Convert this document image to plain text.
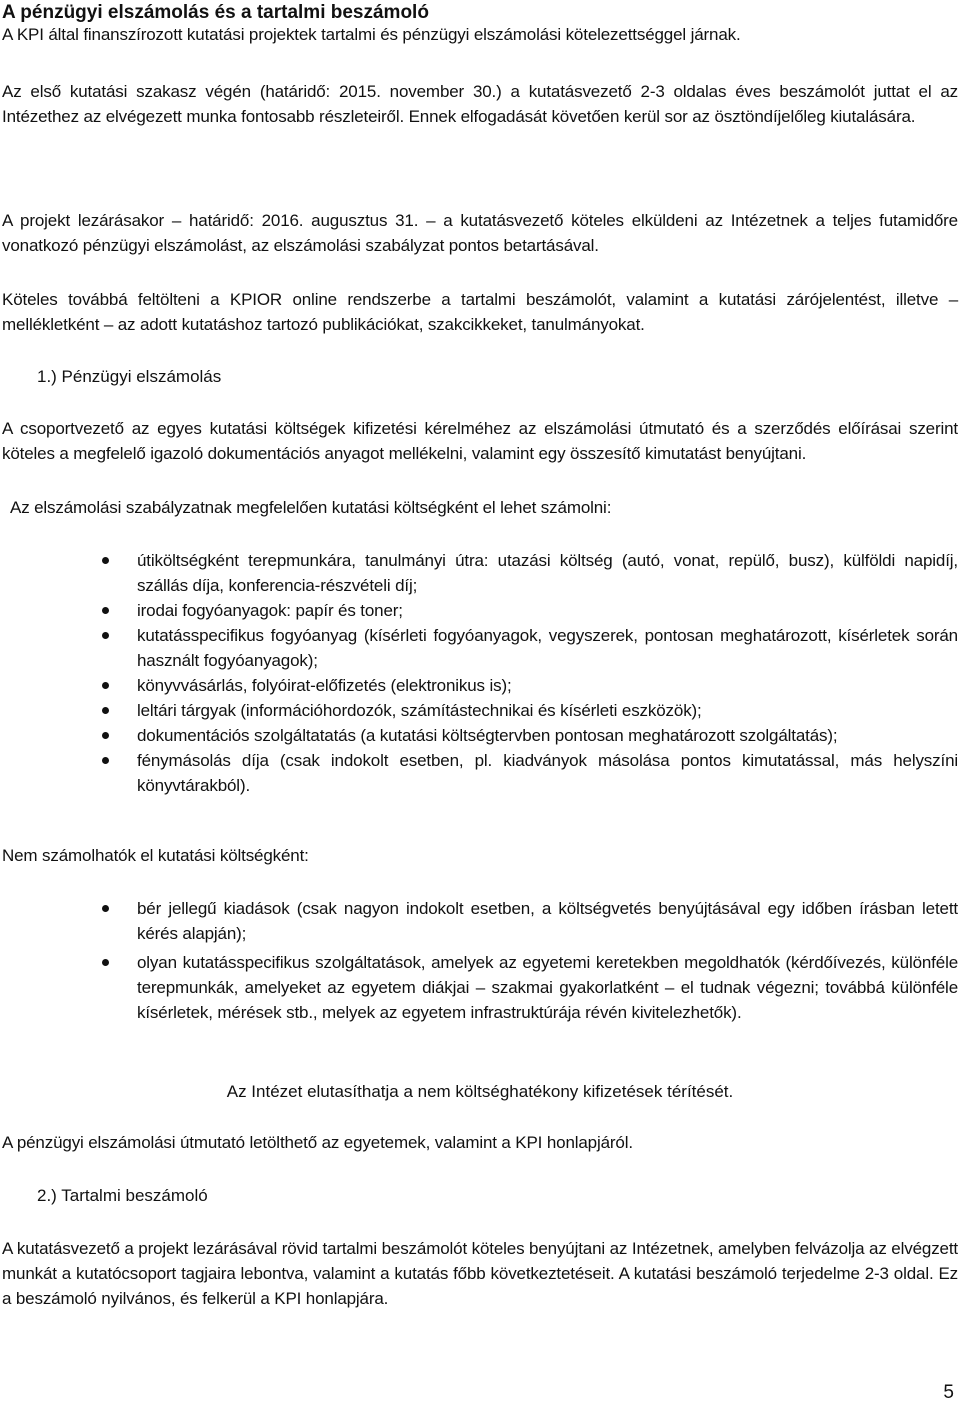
A pénzügyi elszámolás és a tartalmi beszámoló

A KPI által finanszírozott kutatási projektek tartalmi és pénzügyi elszámolási kötelezettséggel járnak.

Az első kutatási szakasz végén (határidő: 2015. november 30.) a kutatásvezető 2-3 oldalas éves beszámolót juttat el az Intézethez az elvégezett munka fontosabb részleteiről. Ennek elfogadását követően kerül sor az ösztöndíjelőleg kiutalására.

A projekt lezárásakor – határidő: 2016. augusztus 31. – a kutatásvezető köteles elküldeni az Intézetnek a teljes futamidőre vonatkozó pénzügyi elszámolást, az elszámolási szabályzat pontos betartásával.

Köteles továbbá feltölteni a KPIOR online rendszerbe a tartalmi beszámolót, valamint a kutatási zárójelentést, illetve – mellékletként – az adott kutatáshoz tartozó publikációkat, szakcikkeket, tanulmányokat.

1.) Pénzügyi elszámolás

A csoportvezető az egyes kutatási költségek kifizetési kérelméhez az elszámolási útmutató és a szerződés előírásai szerint köteles a megfelelő igazoló dokumentációs anyagot mellékelni, valamint egy összesítő kimutatást benyújtani.

Az elszámolási szabályzatnak megfelelően kutatási költségként el lehet számolni:

útiköltségként terepmunkára, tanulmányi útra: utazási költség (autó, vonat, repülő, busz), külföldi napidíj, szállás díja, konferencia-részvételi díj;
irodai fogyóanyagok: papír és toner;
kutatásspecifikus fogyóanyag (kísérleti fogyóanyagok, vegyszerek, pontosan meghatározott, kísérletek során használt fogyóanyagok);
könyvvásárlás, folyóirat-előfizetés (elektronikus is);
leltári tárgyak (információhordozók, számítástechnikai és kísérleti eszközök);
dokumentációs szolgáltatatás (a kutatási költségtervben pontosan meghatározott szolgáltatás);
fénymásolás díja (csak indokolt esetben, pl. kiadványok másolása pontos kimutatással, más helyszíni könyvtárakból).

Nem számolhatók el kutatási költségként:

bér jellegű kiadások (csak nagyon indokolt esetben, a költségvetés benyújtásával egy időben írásban letett kérés alapján);
olyan kutatásspecifikus szolgáltatások, amelyek az egyetemi keretekben megoldhatók (kérdőívezés, különféle terepmunkák, amelyeket az egyetem diákjai – szakmai gyakorlatként – el tudnak végezni; továbbá különféle kísérletek, mérések stb., melyek az egyetem infrastruktúrája révén kivitelezhetők).

Az Intézet elutasíthatja a nem költséghatékony kifizetések térítését.

A pénzügyi elszámolási útmutató letölthető az egyetemek, valamint a KPI honlapjáról.

2.) Tartalmi beszámoló

A kutatásvezető a projekt lezárásával rövid tartalmi beszámolót köteles benyújtani az Intézetnek, amelyben felvázolja az elvégzett munkát a kutatócsoport tagjaira lebontva, valamint a kutatás főbb következtetéseit. A kutatási beszámoló terjedelme 2-3 oldal. Ez a beszámoló nyilvános, és felkerül a KPI honlapjára.

5
